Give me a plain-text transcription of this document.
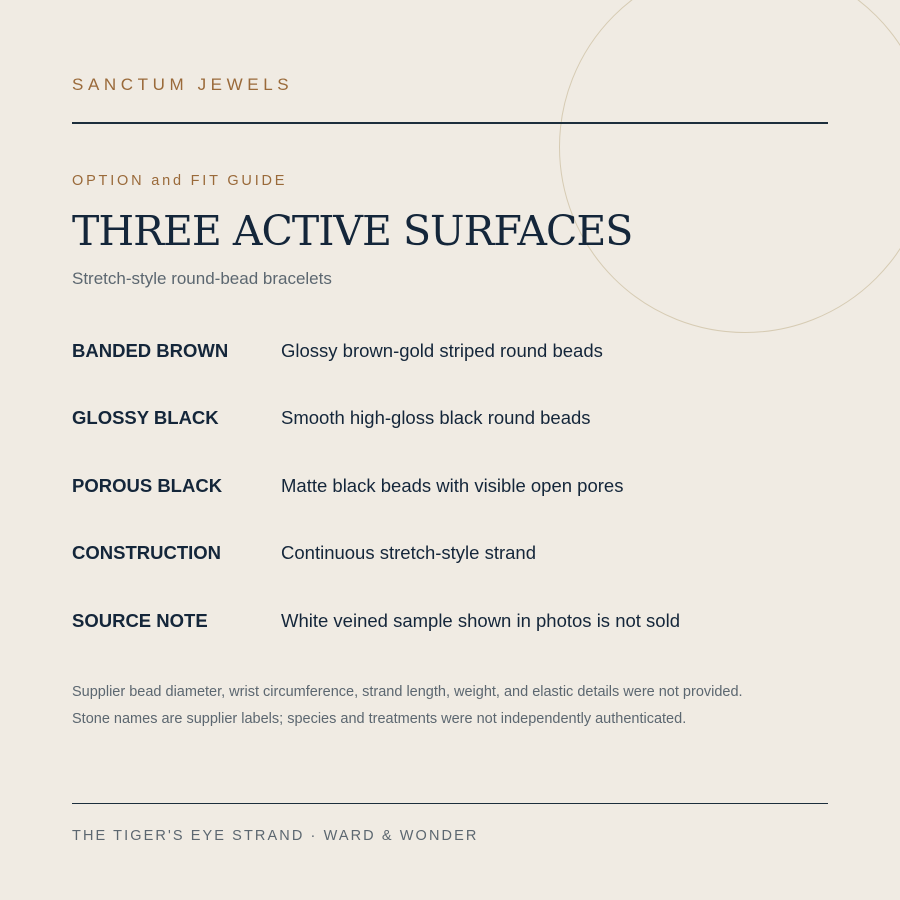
SANCTUM JEWELS
OPTION and FIT GUIDE
THREE ACTIVE SURFACES
Stretch-style round-bead bracelets
BANDED BROWN	Glossy brown-gold striped round beads
GLOSSY BLACK	Smooth high-gloss black round beads
POROUS BLACK	Matte black beads with visible open pores
CONSTRUCTION	Continuous stretch-style strand
SOURCE NOTE	White veined sample shown in photos is not sold
Supplier bead diameter, wrist circumference, strand length, weight, and elastic details were not provided.
Stone names are supplier labels; species and treatments were not independently authenticated.
THE TIGER'S EYE STRAND · WARD & WONDER
